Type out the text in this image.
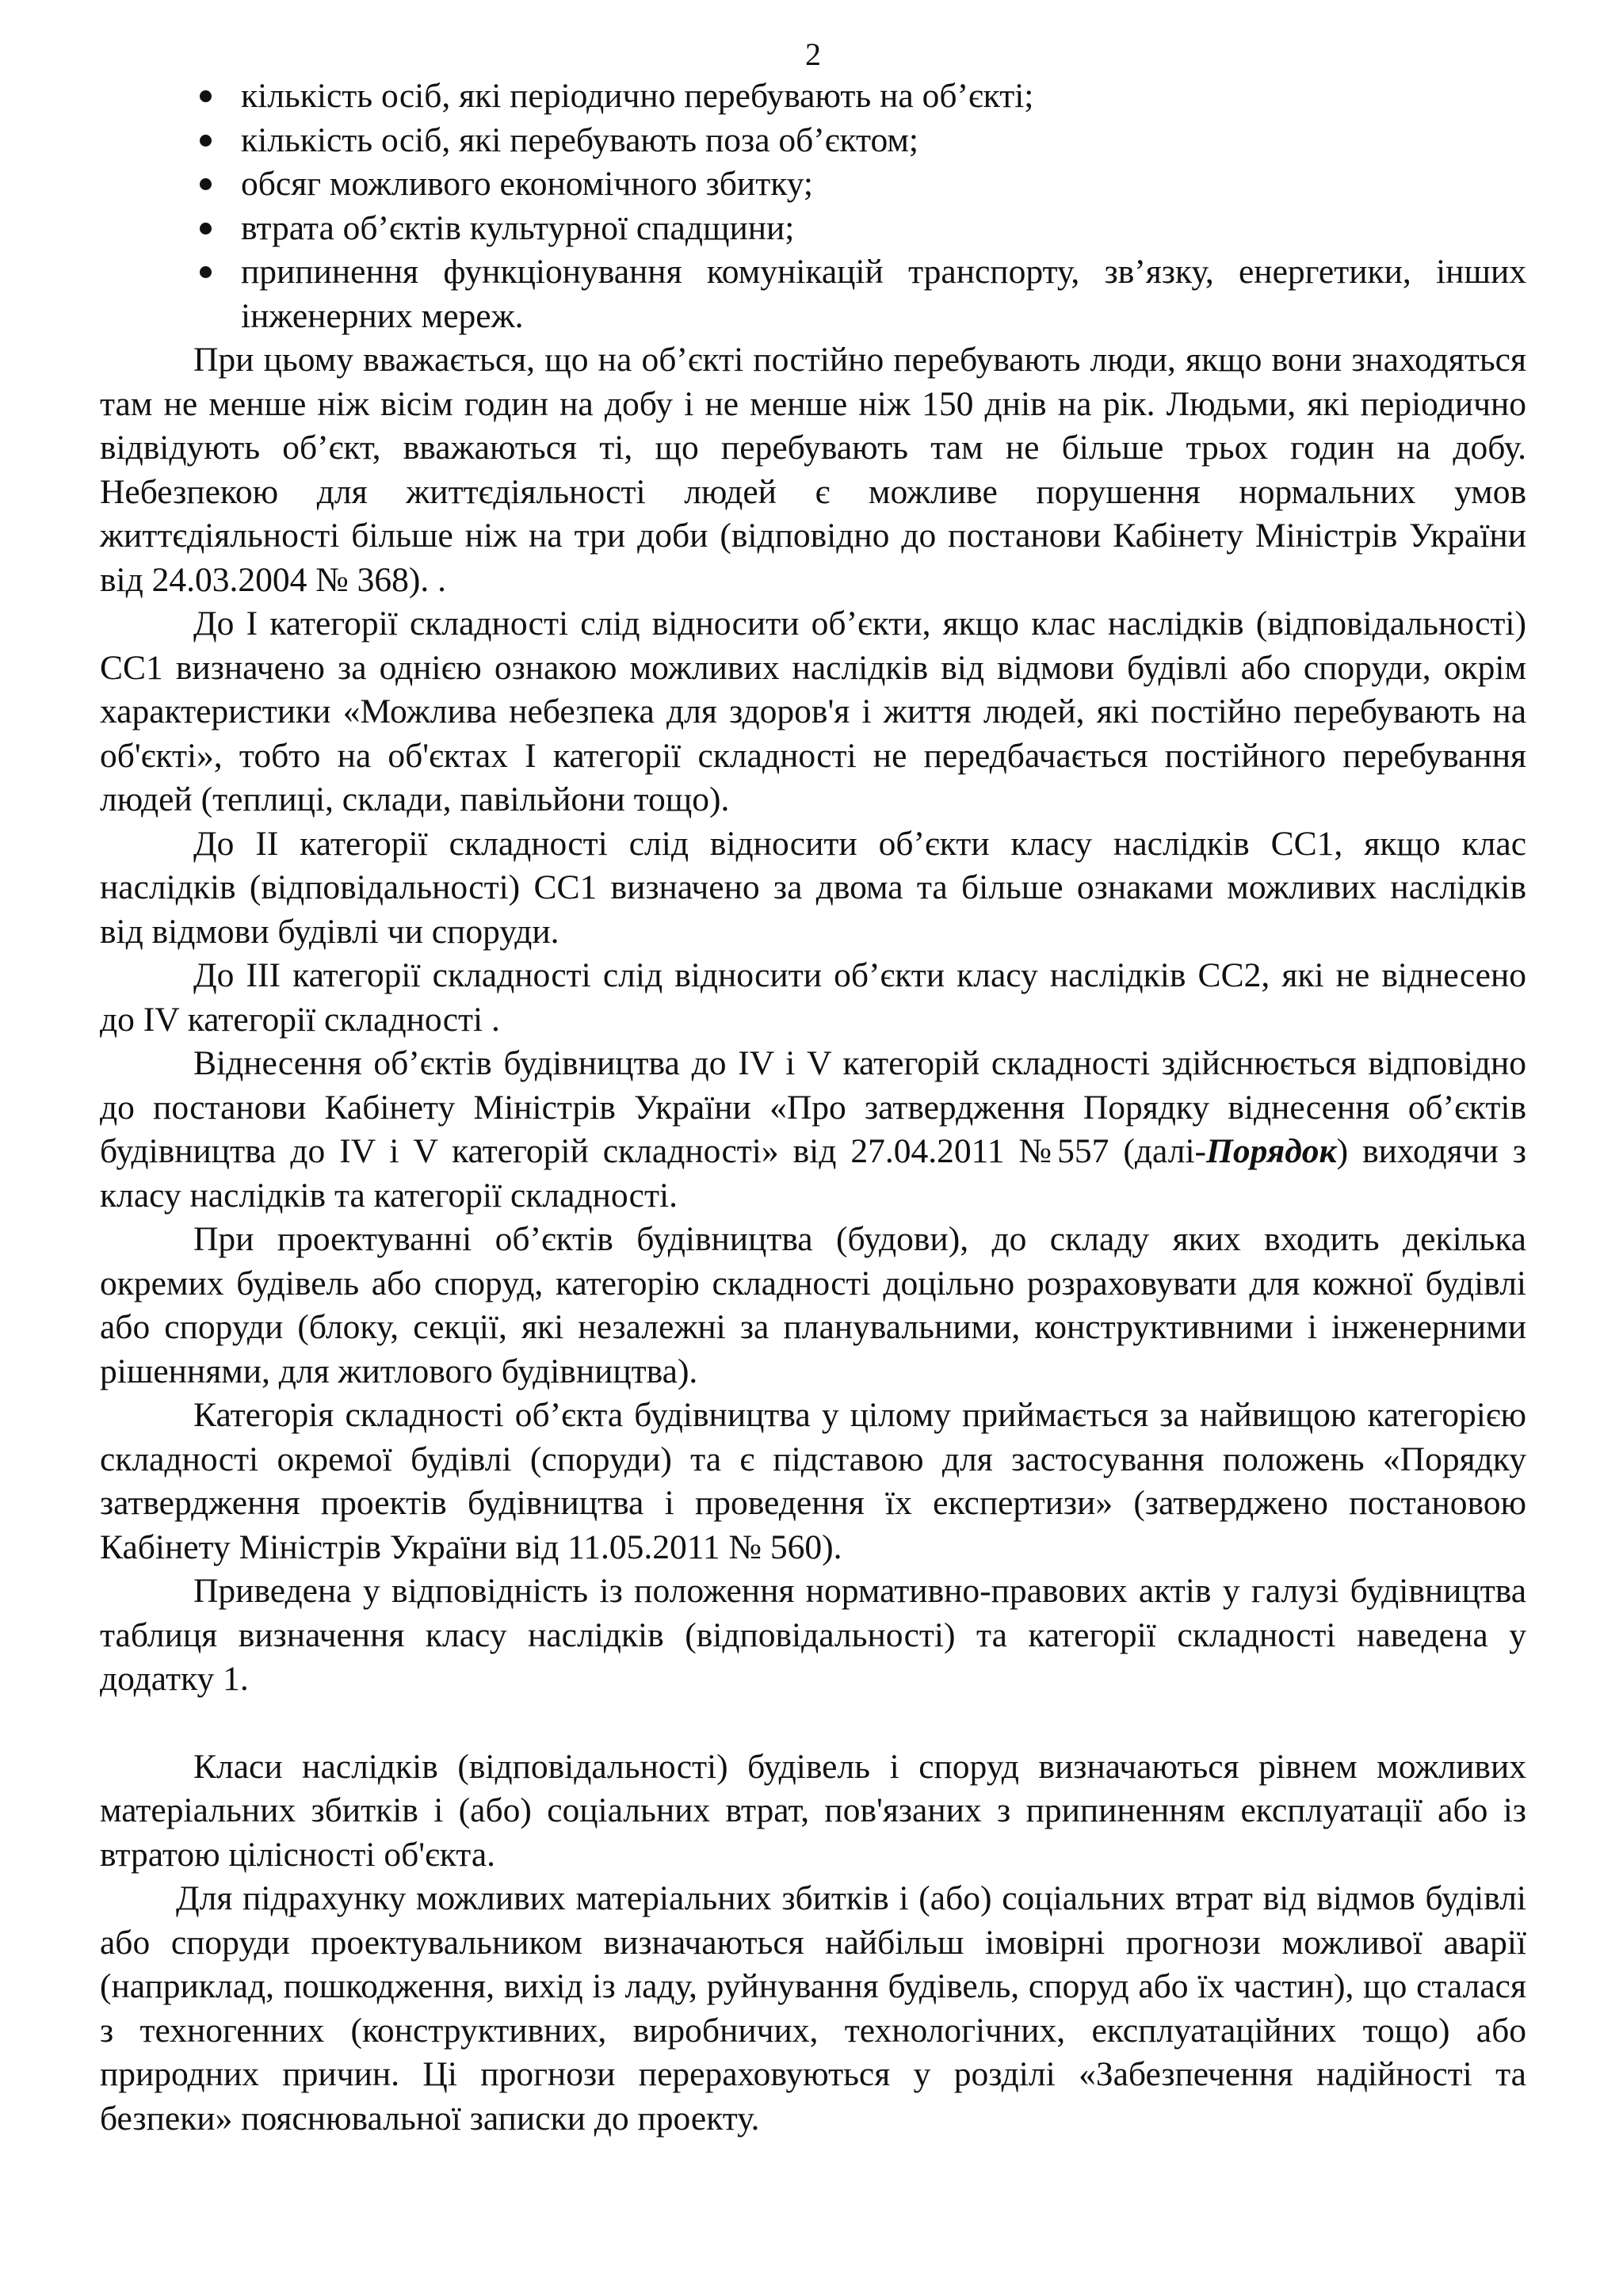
2
кількість осіб, які періодично перебувають на об’єкті;
кількість осіб, які перебувають поза об’єктом;
обсяг можливого економічного збитку;
втрата об’єктів культурної спадщини;
припинення функціонування комунікацій транспорту, зв’язку, енергетики, інших інженерних мереж.

При цьому вважається, що на об’єкті постійно перебувають люди, якщо вони знаходяться там не менше ніж вісім годин на добу і не менше ніж 150 днів на рік. Людьми, які періодично відвідують об’єкт, вважаються ті, що перебувають там не більше трьох годин на добу. Небезпекою для життєдіяльності людей є можливе порушення нормальних умов життєдіяльності більше ніж на три доби (відповідно до постанови Кабінету Міністрів України від 24.03.2004 № 368). .

До І категорії складності слід відносити об’єкти, якщо клас наслідків (відповідальності) СС1 визначено за однією ознакою можливих наслідків від відмови будівлі або споруди, окрім характеристики «Можлива небезпека для здоров'я і життя людей, які постійно перебувають на об'єкті», тобто на об'єктах І категорії складності не передбачається постійного перебування людей (теплиці, склади, павільйони тощо).

До ІІ категорії складності слід відносити об’єкти класу наслідків СС1, якщо клас наслідків (відповідальності) СС1 визначено за двома та більше ознаками можливих наслідків від відмови будівлі чи споруди.

До ІІІ категорії складності слід відносити об’єкти класу наслідків СС2, які не віднесено до ІV категорії складності .

Віднесення об’єктів будівництва до ІV і V категорій складності здійснюється відповідно до постанови Кабінету Міністрів України «Про затвердження Порядку віднесення об’єктів будівництва до IV і V категорій складності» від 27.04.2011 №557 (далі-Порядок) виходячи з класу наслідків та категорії складності.

При проектуванні об’єктів будівництва (будови), до складу яких входить декілька окремих будівель або споруд, категорію складності доцільно розраховувати для кожної будівлі або споруди (блоку, секції, які незалежні за планувальними, конструктивними і інженерними рішеннями, для житлового будівництва).

Категорія складності об’єкта будівництва у цілому приймається за найвищою категорією складності окремої будівлі (споруди) та є підставою для застосування положень «Порядку затвердження проектів будівництва і проведення їх експертизи» (затверджено постановою Кабінету Міністрів України від 11.05.2011 № 560).

Приведена у відповідність із положення нормативно-правових актів у галузі будівництва таблиця визначення класу наслідків (відповідальності) та категорії складності наведена у додатку 1.

Класи наслідків (відповідальності) будівель і споруд визначаються рівнем можливих матеріальних збитків і (або) соціальних втрат, пов'язаних з припиненням експлуатації або із втратою цілісності об'єкта.

Для підрахунку можливих матеріальних збитків і (або) соціальних втрат від відмов будівлі або споруди проектувальником визначаються найбільш імовірні прогнози можливої аварії (наприклад, пошкодження, вихід із ладу, руйнування будівель, споруд або їх частин), що сталася з техногенних (конструктивних, виробничих, технологічних, експлуатаційних тощо) або природних причин. Ці прогнози перераховуються у розділі «Забезпечення надійності та безпеки» пояснювальної записки до проекту.
